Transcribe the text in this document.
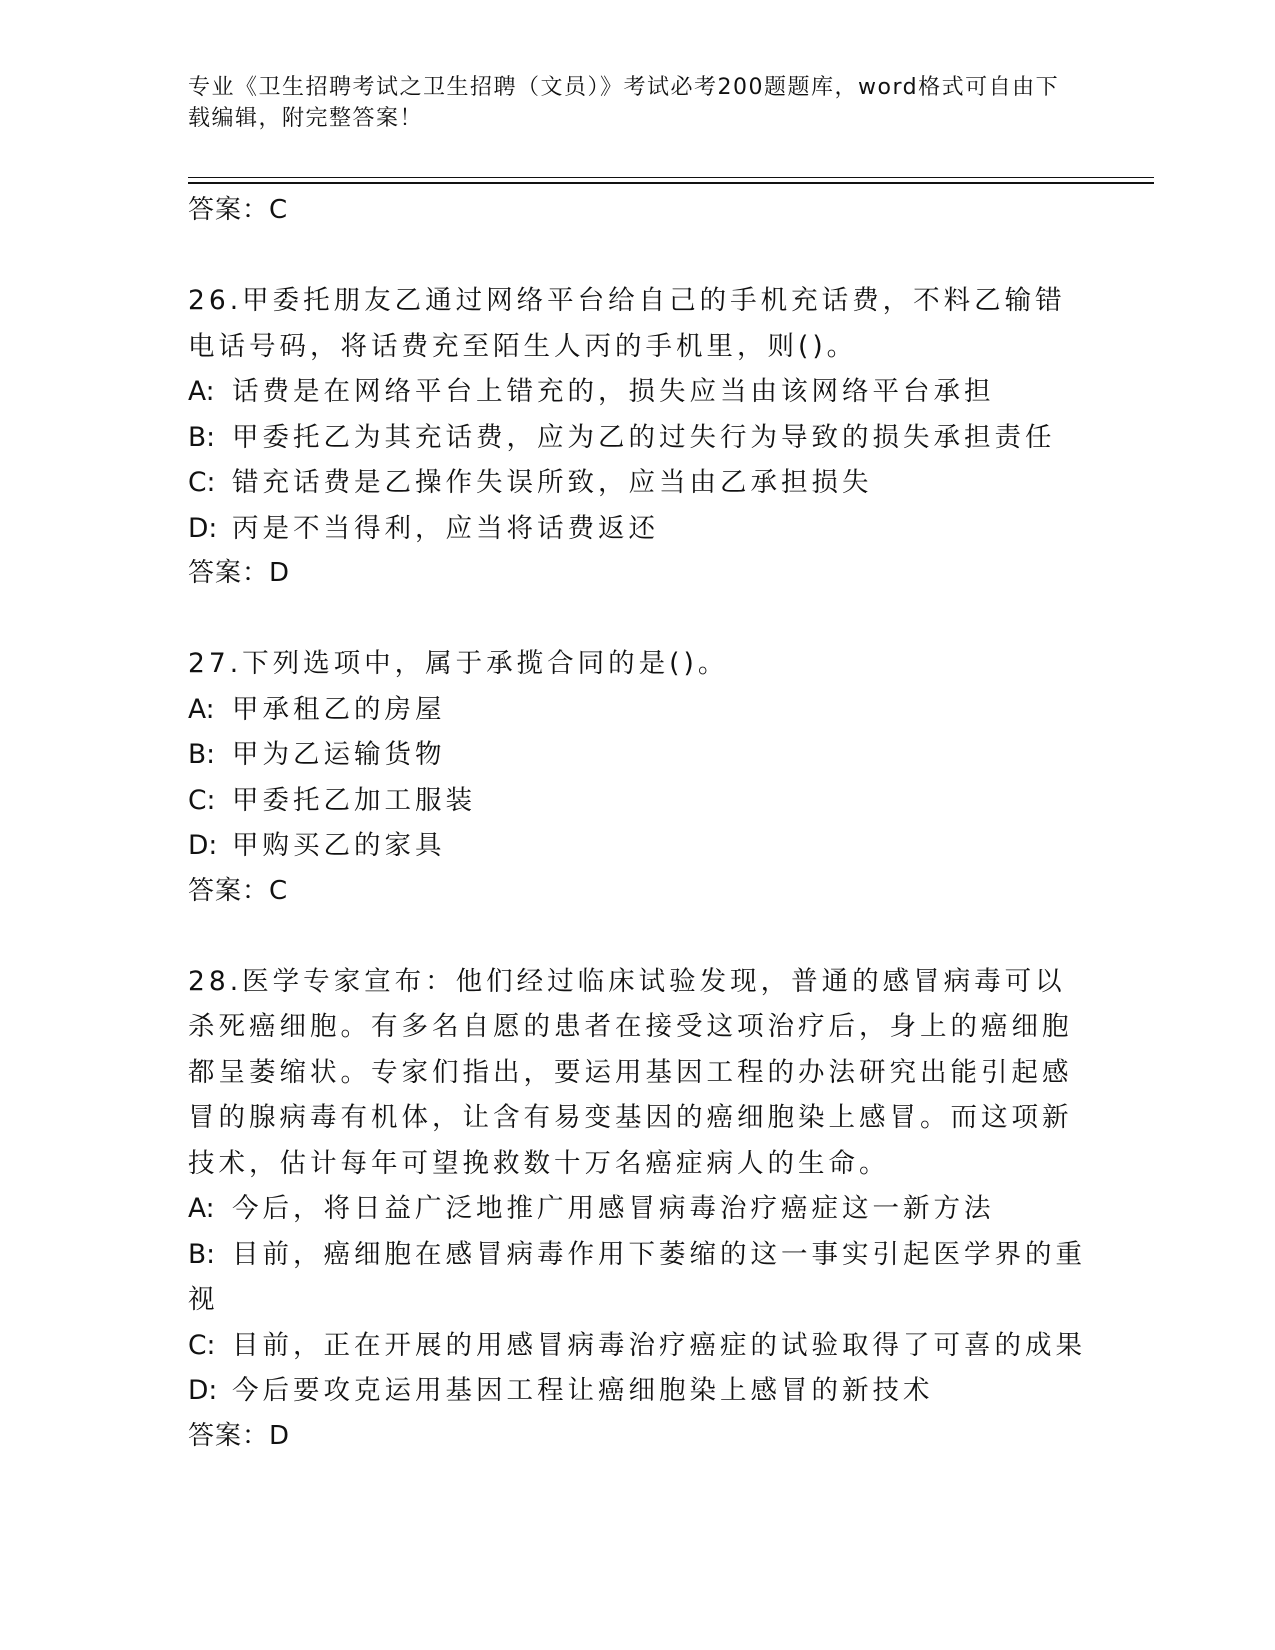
专业《卫生招聘考试之卫生招聘（文员）》考试必考200题题库，word格式可自由下载编辑，附完整答案！
答案：C
26.甲委托朋友乙通过网络平台给自己的手机充话费，不料乙输错电话号码，将话费充至陌生人丙的手机里，则()。
A: 话费是在网络平台上错充的，损失应当由该网络平台承担
B: 甲委托乙为其充话费，应为乙的过失行为导致的损失承担责任
C: 错充话费是乙操作失误所致，应当由乙承担损失
D: 丙是不当得利，应当将话费返还
答案：D
27.下列选项中，属于承揽合同的是()。
A: 甲承租乙的房屋
B: 甲为乙运输货物
C: 甲委托乙加工服装
D: 甲购买乙的家具
答案：C
28.医学专家宣布：他们经过临床试验发现，普通的感冒病毒可以杀死癌细胞。有多名自愿的患者在接受这项治疗后，身上的癌细胞都呈萎缩状。专家们指出，要运用基因工程的办法研究出能引起感冒的腺病毒有机体，让含有易变基因的癌细胞染上感冒。而这项新技术，估计每年可望挽救数十万名癌症病人的生命。
A: 今后，将日益广泛地推广用感冒病毒治疗癌症这一新方法
B: 目前，癌细胞在感冒病毒作用下萎缩的这一事实引起医学界的重视
C: 目前，正在开展的用感冒病毒治疗癌症的试验取得了可喜的成果
D: 今后要攻克运用基因工程让癌细胞染上感冒的新技术
答案：D
